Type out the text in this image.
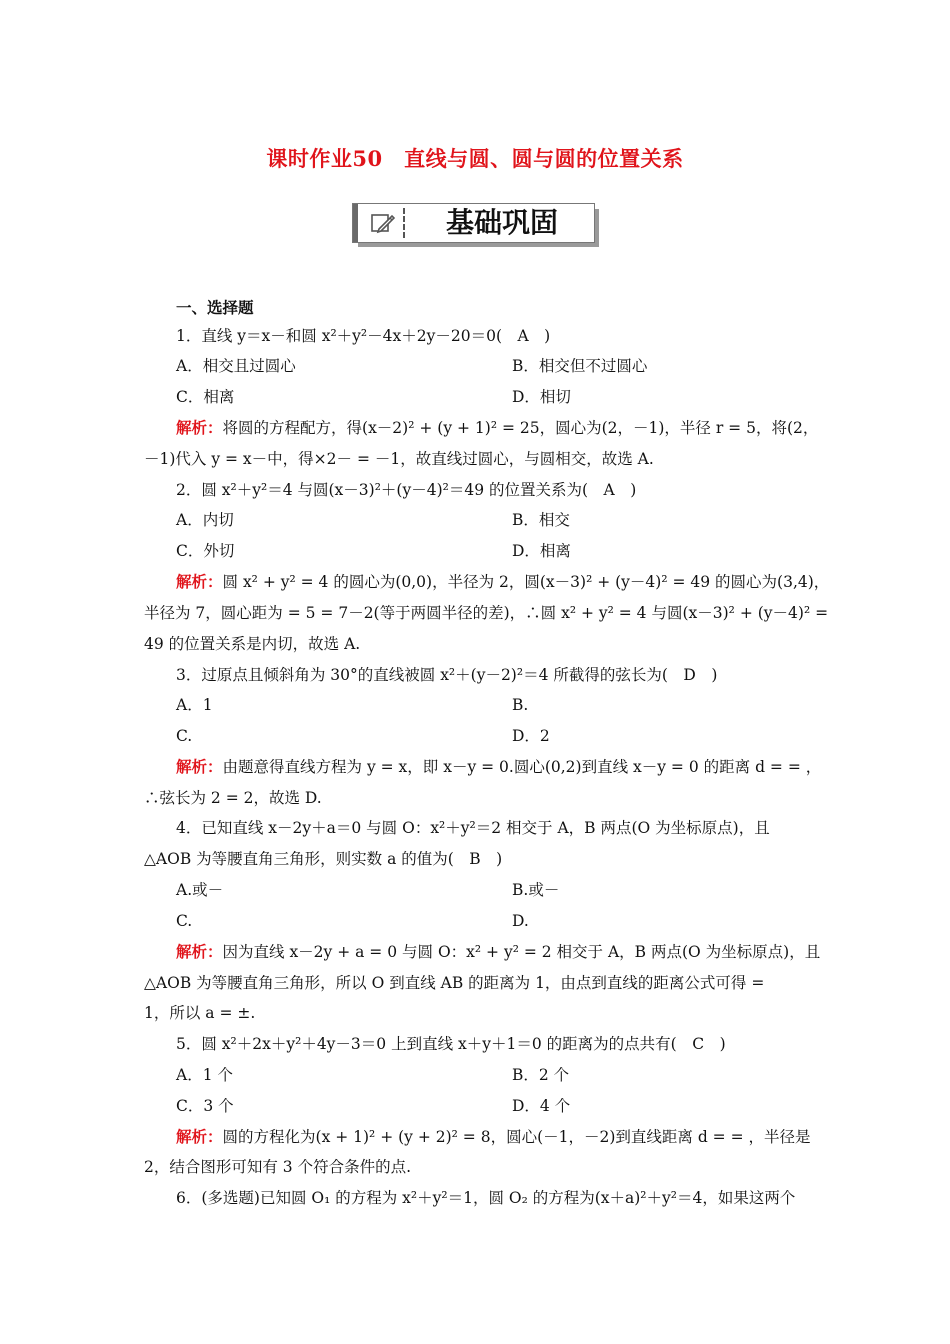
课时作业50　直线与圆、圆与圆的位置关系
基础巩固
一、选择题
1．直线 y＝x－和圆 x²＋y²－4x＋2y－20＝0(　A　)
A．相交且过圆心	B．相交但不过圆心
C．相离	D．相切
解析：将圆的方程配方，得(x－2)² + (y + 1)² = 25，圆心为(2，－1)，半径 r = 5，将(2，
－1)代入 y = x－中，得×2－ = －1，故直线过圆心，与圆相交，故选 A.
2．圆 x²＋y²＝4 与圆(x－3)²＋(y－4)²＝49 的位置关系为(　A　)
A．内切	B．相交
C．外切	D．相离
解析：圆 x² + y² = 4 的圆心为(0,0)，半径为 2，圆(x－3)² + (y－4)² = 49 的圆心为(3,4)，
半径为 7，圆心距为 = 5 = 7－2(等于两圆半径的差)，∴圆 x² + y² = 4 与圆(x－3)² + (y－4)² =
49 的位置关系是内切，故选 A.
3．过原点且倾斜角为 30°的直线被圆 x²＋(y－2)²＝4 所截得的弦长为(　D　)
A．1	B.
C.	D．2
解析：由题意得直线方程为 y = x，即 x－y = 0.圆心(0,2)到直线 x－y = 0 的距离 d = = ，
∴弦长为 2 = 2，故选 D.
4．已知直线 x－2y＋a＝0 与圆 O：x²＋y²＝2 相交于 A，B 两点(O 为坐标原点)，且
△AOB 为等腰直角三角形，则实数 a 的值为(　B　)
A.或－	B.或－
C.	D.
解析：因为直线 x－2y + a = 0 与圆 O：x² + y² = 2 相交于 A，B 两点(O 为坐标原点)，且
△AOB 为等腰直角三角形，所以 O 到直线 AB 的距离为 1，由点到直线的距离公式可得 =
1，所以 a = ±.
5．圆 x²＋2x＋y²＋4y－3＝0 上到直线 x＋y＋1＝0 的距离为的点共有(　C　)
A．1 个	B．2 个
C．3 个	D．4 个
解析：圆的方程化为(x + 1)² + (y + 2)² = 8，圆心(－1，－2)到直线距离 d = = ，半径是
2，结合图形可知有 3 个符合条件的点.
6．(多选题)已知圆 O₁ 的方程为 x²＋y²＝1，圆 O₂ 的方程为(x＋a)²＋y²＝4，如果这两个
